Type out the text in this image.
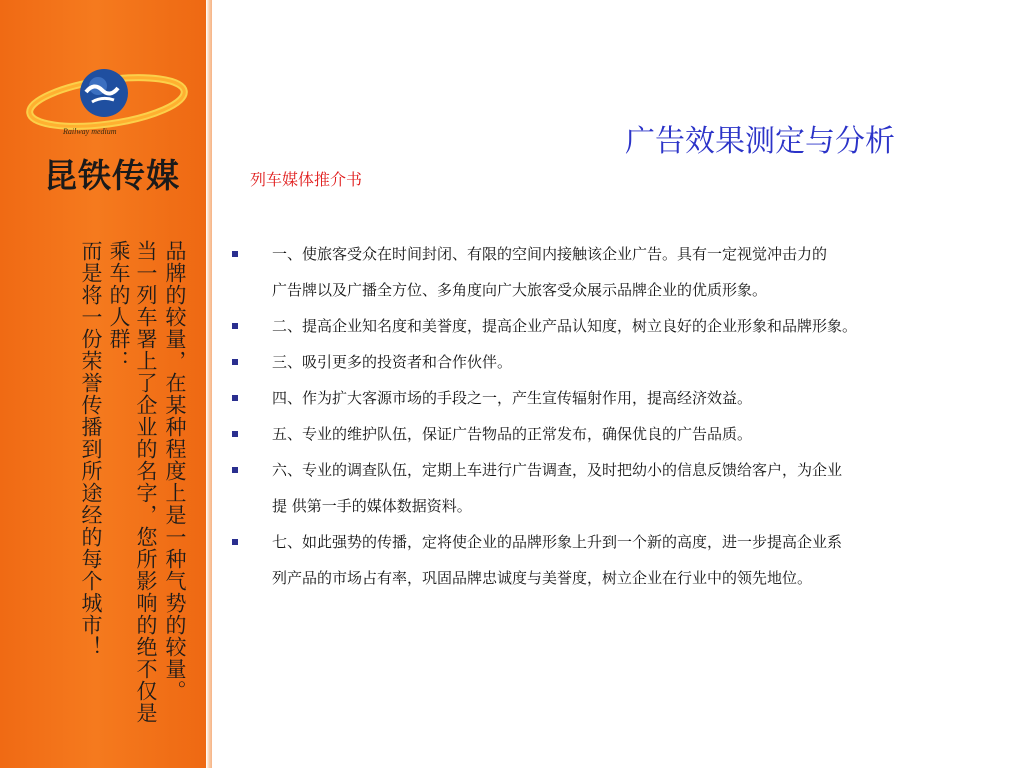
Railway medium
昆铁传媒
品牌的较量，在某种程度上是一种气势的较量。
当一列车署上了企业的名字，您所影响的绝不仅是
乘车的人群：
而是将一份荣誉传播到所途经的每个城市！
广告效果测定与分析
列车媒体推介书
一、使旅客受众在时间封闭、有限的空间内接触该企业广告。具有一定视觉冲击力的
广告牌以及广播全方位、多角度向广大旅客受众展示品牌企业的优质形象。
二、提高企业知名度和美誉度，提高企业产品认知度，树立良好的企业形象和品牌形象。
三、吸引更多的投资者和合作伙伴。
四、作为扩大客源市场的手段之一，产生宣传辐射作用，提高经济效益。
五、专业的维护队伍，保证广告物品的正常发布，确保优良的广告品质。
六、专业的调查队伍，定期上车进行广告调查，及时把幼小的信息反馈给客户，为企业
提 供第一手的媒体数据资料。
七、如此强势的传播，定将使企业的品牌形象上升到一个新的高度，进一步提高企业系
列产品的市场占有率，巩固品牌忠诚度与美誉度，树立企业在行业中的领先地位。
